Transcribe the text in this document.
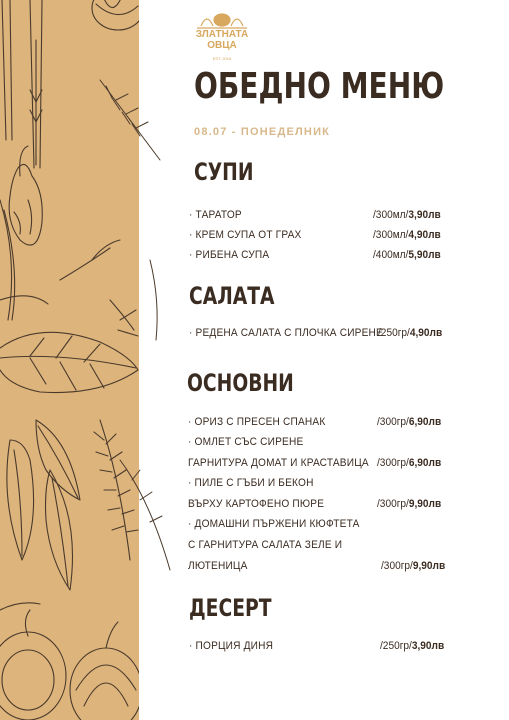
ЗЛАТНАТА
ОВЦА
EST. 2016
ОБЕДНО МЕНЮ
08.07 - ПОНЕДЕЛНИК
СУПИ
· ТАРАТОР	/300мл/3,90лв
· КРЕМ СУПА ОТ ГРАХ	/300мл/4,90лв
· РИБЕНА СУПА	/400мл/5,90лв
САЛАТА
· РЕДЕНА САЛАТА С ПЛОЧКА СИРЕНЕ
/250гр/4,90лв
ОСНОВНИ
· ОРИЗ С ПРЕСЕН СПАНАК	/300гр/6,90лв
· ОМЛЕТ СЪС СИРЕНЕ
ГАРНИТУРА ДОМАТ И КРАСТАВИЦА /300гр/6,90лв
· ПИЛЕ С ГЪБИ И БЕКОН
ВЪРХУ КАРТОФЕНО ПЮРЕ	/300гр/9,90лв
· ДОМАШНИ ПЪРЖЕНИ КЮФТЕТА
С ГАРНИТУРА САЛАТА ЗЕЛЕ И
ЛЮТЕНИЦА	/300гр/9,90лв
ДЕСЕРТ
· ПОРЦИЯ ДИНЯ	/250гр/3,90лв
